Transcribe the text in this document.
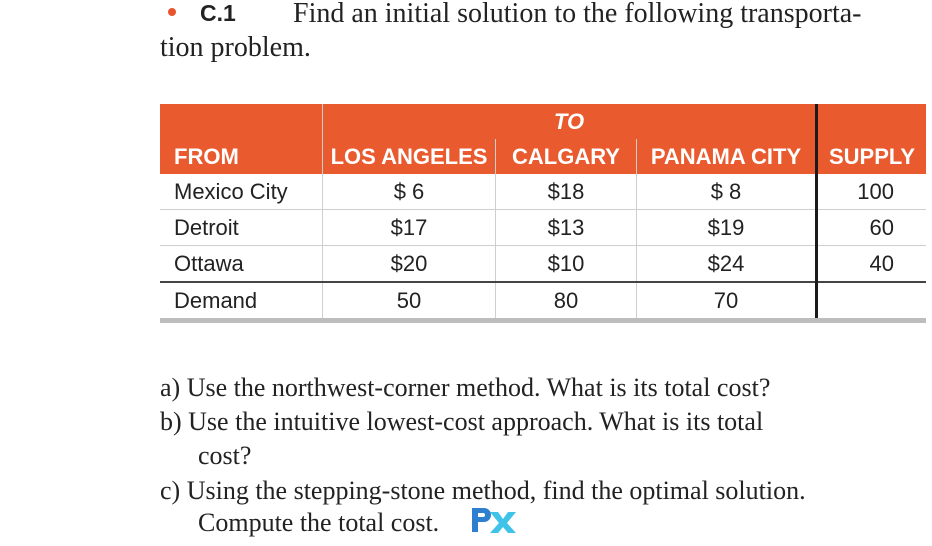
C.1 Find an initial solution to the following transporta-
tion problem.
	TO			
FROM	LOS ANGELES	CALGARY	PANAMA CITY	SUPPLY
Mexico City	$ 6	$18	$ 8	100
Detroit	$17	$13	$19	60
Ottawa	$20	$10	$24	40
Demand	50	80	70	
a) Use the northwest-corner method. What is its total cost?
b) Use the intuitive lowest-cost approach. What is its total
cost?
c) Using the stepping-stone method, find the optimal solution.
Compute the total cost.
